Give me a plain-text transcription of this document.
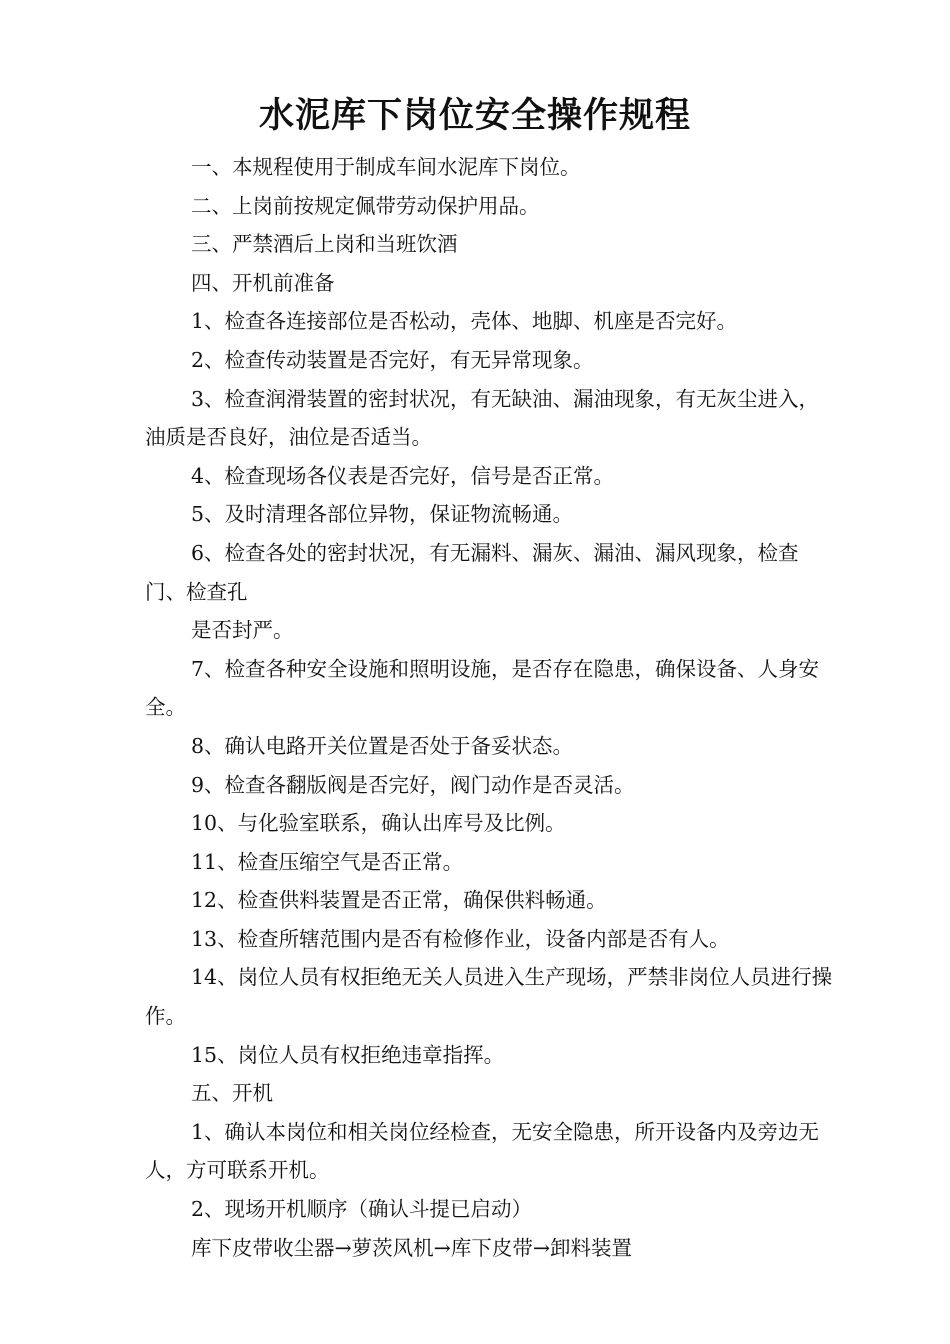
水泥库下岗位安全操作规程

一、本规程使用于制成车间水泥库下岗位。

二、上岗前按规定佩带劳动保护用品。

三、严禁酒后上岗和当班饮酒

四、开机前准备

1、检查各连接部位是否松动，壳体、地脚、机座是否完好。

2、检查传动装置是否完好，有无异常现象。

3、检查润滑装置的密封状况，有无缺油、漏油现象，有无灰尘进入，油质是否良好，油位是否适当。

4、检查现场各仪表是否完好，信号是否正常。

5、及时清理各部位异物，保证物流畅通。

6、检查各处的密封状况，有无漏料、漏灰、漏油、漏风现象，检查门、检查孔

是否封严。

7、检查各种安全设施和照明设施，是否存在隐患，确保设备、人身安全。

8、确认电路开关位置是否处于备妥状态。

9、检查各翻版阀是否完好，阀门动作是否灵活。

10、与化验室联系，确认出库号及比例。

11、检查压缩空气是否正常。

12、检查供料装置是否正常，确保供料畅通。

13、检查所辖范围内是否有检修作业，设备内部是否有人。

14、岗位人员有权拒绝无关人员进入生产现场，严禁非岗位人员进行操作。

15、岗位人员有权拒绝违章指挥。

五、开机

1、确认本岗位和相关岗位经检查，无安全隐患，所开设备内及旁边无人，方可联系开机。

2、现场开机顺序（确认斗提已启动）

库下皮带收尘器→萝茨风机→库下皮带→卸料装置
